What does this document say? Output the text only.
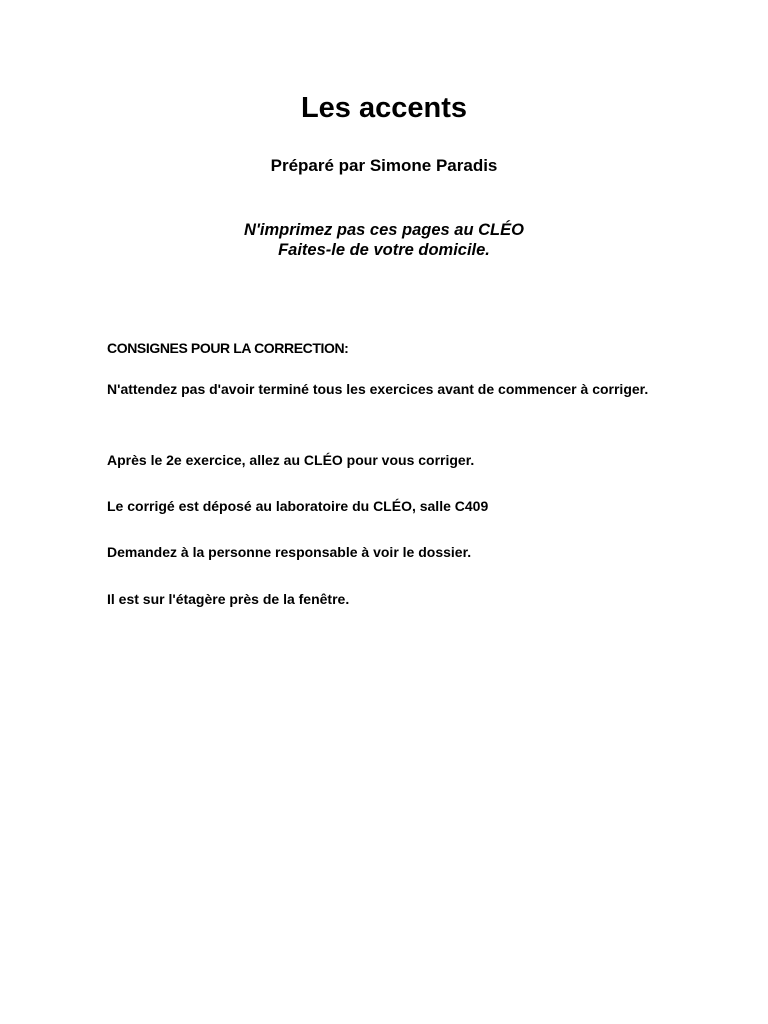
Les accents

Préparé par Simone Paradis

N'imprimez pas ces pages au CLÉO
Faites-le de votre domicile.

CONSIGNES POUR LA CORRECTION:

N'attendez pas d'avoir terminé tous les exercices avant de commencer à corriger.

Après le 2e exercice, allez au CLÉO pour vous corriger.

Le corrigé est déposé au laboratoire du CLÉO, salle C409

Demandez à la personne responsable à voir le dossier.

Il est sur l'étagère près de la fenêtre.
